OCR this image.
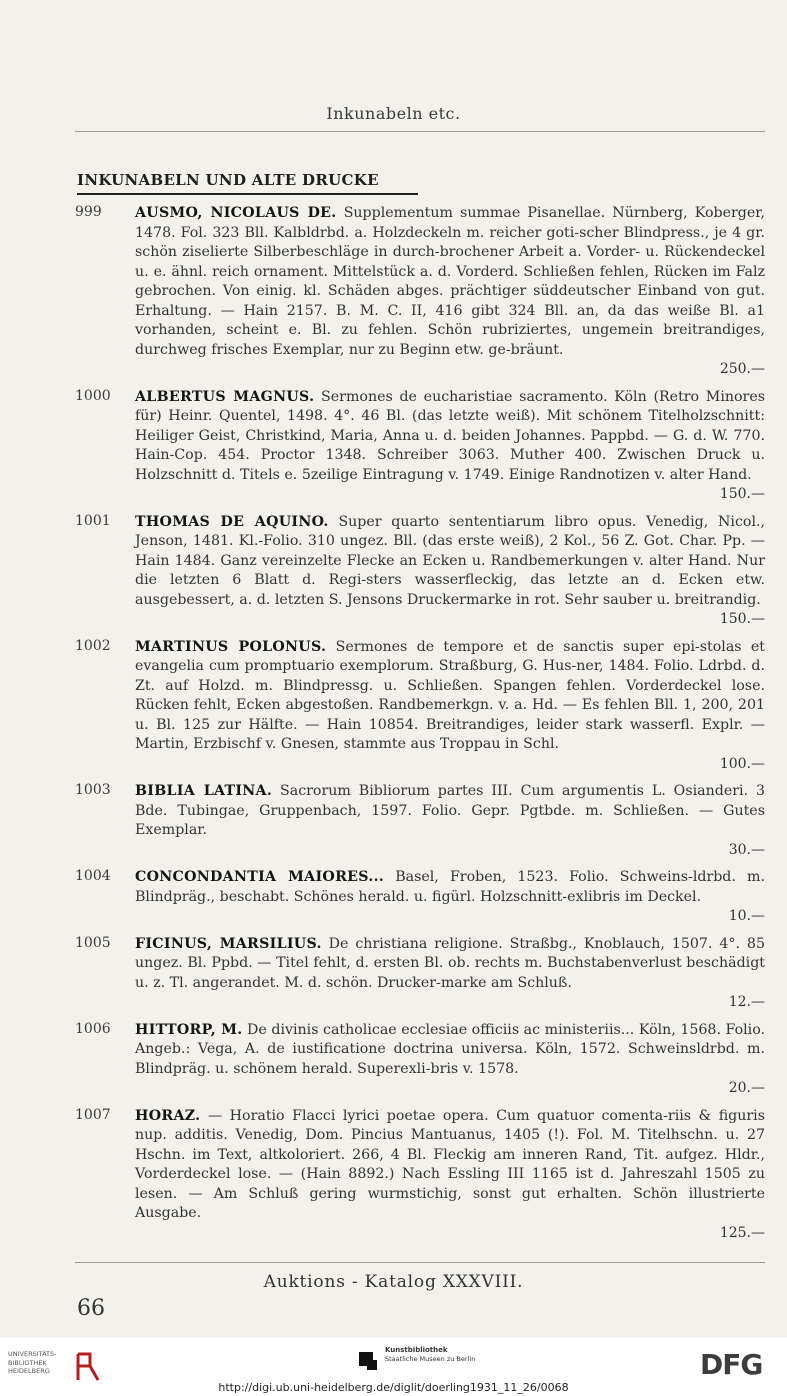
Inkunabeln etc.
INKUNABELN UND ALTE DRUCKE
999	AUSMO, NICOLAUS DE. Supplementum summae Pisanellae. Nürnberg, Koberger, 1478. Fol. 323 Bll. Kalbldrbd. a. Holzdeckeln m. reicher goti-scher Blindpress., je 4 gr. schön ziselierte Silberbeschläge in durch-brochener Arbeit a. Vorder- u. Rückendeckel u. e. ähnl. reich ornament. Mittelstück a. d. Vorderd. Schließen fehlen, Rücken im Falz gebrochen. Von einig. kl. Schäden abges. prächtiger süddeutscher Einband von gut. Erhaltung. — Hain 2157. B. M. C. II, 416 gibt 324 Bll. an, da das weiße Bl. a1 vorhanden, scheint e. Bl. zu fehlen. Schön rubriziertes, ungemein breitrandiges, durchweg frisches Exemplar, nur zu Beginn etw. ge-bräunt.
250.—
1000	ALBERTUS MAGNUS. Sermones de eucharistiae sacramento. Köln (Retro Minores für) Heinr. Quentel, 1498. 4°. 46 Bl. (das letzte weiß). Mit schönem Titelholzschnitt: Heiliger Geist, Christkind, Maria, Anna u. d. beiden Johannes. Pappbd. — G. d. W. 770. Hain-Cop. 454. Proctor 1348. Schreiber 3063. Muther 400. Zwischen Druck u. Holzschnitt d. Titels e. 5zeilige Eintragung v. 1749. Einige Randnotizen v. alter Hand.
150.—
1001	THOMAS DE AQUINO. Super quarto sententiarum libro opus. Venedig, Nicol., Jenson, 1481. Kl.-Folio. 310 ungez. Bll. (das erste weiß), 2 Kol., 56 Z. Got. Char. Pp. — Hain 1484. Ganz vereinzelte Flecke an Ecken u. Randbemerkungen v. alter Hand. Nur die letzten 6 Blatt d. Regi-sters wasserfleckig, das letzte an d. Ecken etw. ausgebessert, a. d. letzten S. Jensons Druckermarke in rot. Sehr sauber u. breitrandig.
150.—
1002	MARTINUS POLONUS. Sermones de tempore et de sanctis super epi-stolas et evangelia cum promptuario exemplorum. Straßburg, G. Hus-ner, 1484. Folio. Ldrbd. d. Zt. auf Holzd. m. Blindpressg. u. Schließen. Spangen fehlen. Vorderdeckel lose. Rücken fehlt, Ecken abgestoßen. Randbemerkgn. v. a. Hd. — Es fehlen Bll. 1, 200, 201 u. Bl. 125 zur Hälfte. — Hain 10854. Breitrandiges, leider stark wasserfl. Explr. — Martin, Erzbischf v. Gnesen, stammte aus Troppau in Schl.
100.—
1003	BIBLIA LATINA. Sacrorum Bibliorum partes III. Cum argumentis L. Osianderi. 3 Bde. Tubingae, Gruppenbach, 1597. Folio. Gepr. Pgtbde. m. Schließen. — Gutes Exemplar.
30.—
1004	CONCONDANTIA MAIORES... Basel, Froben, 1523. Folio. Schweins-ldrbd. m. Blindpräg., beschabt. Schönes herald. u. figürl. Holzschnitt-exlibris im Deckel.
10.—
1005	FICINUS, MARSILIUS. De christiana religione. Straßbg., Knoblauch, 1507. 4°. 85 ungez. Bl. Ppbd. — Titel fehlt, d. ersten Bl. ob. rechts m. Buchstabenverlust beschädigt u. z. Tl. angerandet. M. d. schön. Drucker-marke am Schluß.
12.—
1006	HITTORP, M. De divinis catholicae ecclesiae officiis ac ministeriis... Köln, 1568. Folio. Angeb.: Vega, A. de iustificatione doctrina universa. Köln, 1572. Schweinsldrbd. m. Blindpräg. u. schönem herald. Superexli-bris v. 1578.
20.—
1007	HORAZ. — Horatio Flacci lyrici poetae opera. Cum quatuor comenta-riis & figuris nup. additis. Venedig, Dom. Pincius Mantuanus, 1405 (!). Fol. M. Titelhschn. u. 27 Hschn. im Text, altkoloriert. 266, 4 Bl. Fleckig am inneren Rand, Tit. aufgez. Hldr., Vorderdeckel lose. — (Hain 8892.) Nach Essling III 1165 ist d. Jahreszahl 1505 zu lesen. — Am Schluß gering wurmstichig, sonst gut erhalten. Schön illustrierte Ausgabe.
125.—
Auktions - Katalog XXXVIII.
66
UNIVERSITÄTS-
BIBLIOTHEK
HEIDELBERG
Kunstbibliothek
Staatliche Museen zu Berlin	DFG
http://digi.ub.uni-heidelberg.de/diglit/doerling1931_11_26/0068
